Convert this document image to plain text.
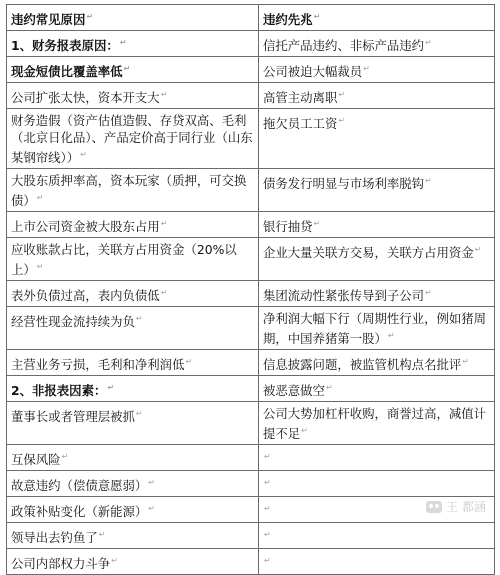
违约常见原因↵	违约先兆↵
1、财务报表原因：↵	信托产品违约、非标产品违约↵
现金短债比覆盖率低↵	公司被迫大幅裁员↵
公司扩张太快，资本开支大↵	高管主动离职↵
财务造假（资产估值造假、存贷双高、毛利（北京日化品）、产品定价高于同行业（山东某钢帘线））↵	拖欠员工工资↵
大股东质押率高，资本玩家（质押，可交换债）↵	债务发行明显与市场利率脱钩↵
上市公司资金被大股东占用↵	银行抽贷↵
应收账款占比，关联方占用资金（20%以上）↵	企业大量关联方交易，关联方占用资金↵
表外负债过高，表内负债低↵	集团流动性紧张传导到子公司↵
经营性现金流持续为负↵	净利润大幅下行（周期性行业，例如猪周期，中国养猪第一股）↵
主营业务亏损，毛利和净利润低↵	信息披露问题，被监管机构点名批评↵
2、非报表因素：↵	被恶意做空↵
董事长或者管理层被抓↵	公司大势加杠杆收购，商誉过高，减值计提不足↵
互保风险↵	↵
故意违约（偿债意愿弱）↵	↵
政策补贴变化（新能源）↵	↵
领导出去钓鱼了↵	↵
公司内部权力斗争↵	↵
王 都涵
